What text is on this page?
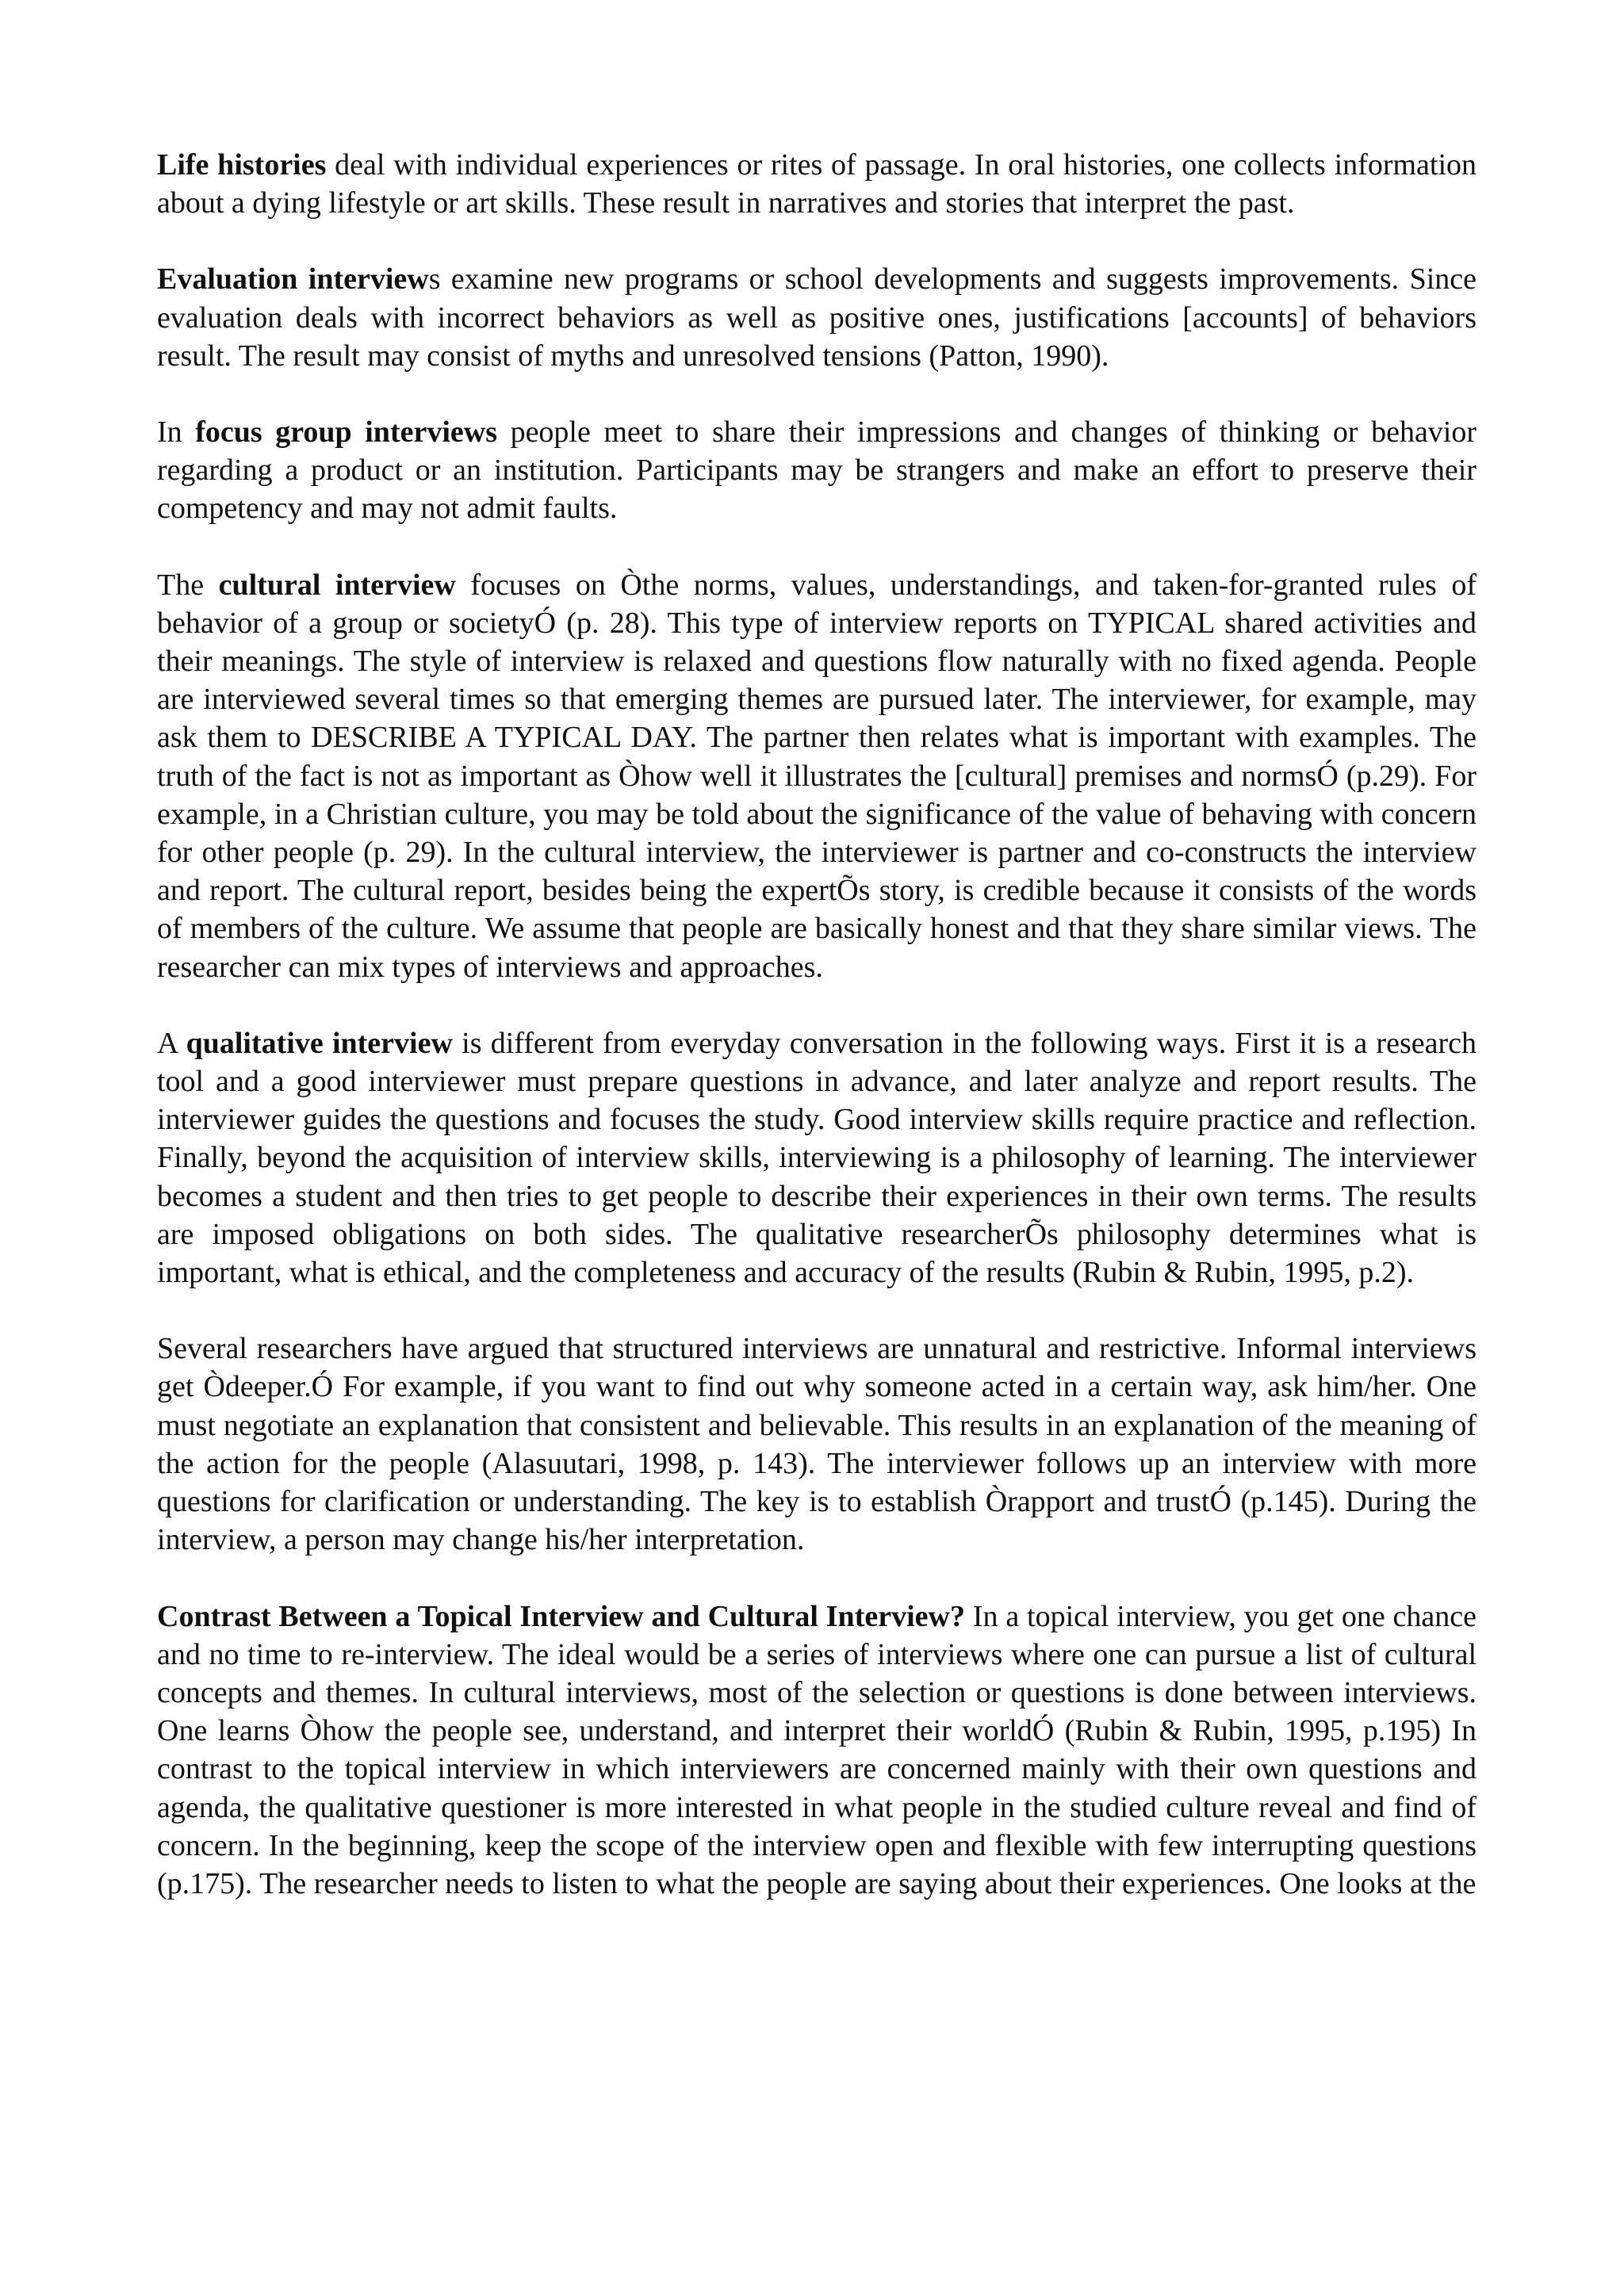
Life histories deal with individual experiences or rites of passage. In oral histories, one collects information about a dying lifestyle or art skills. These result in narratives and stories that interpret the past.

Evaluation interviews examine new programs or school developments and suggests improvements. Since evaluation deals with incorrect behaviors as well as positive ones, justifications [accounts] of behaviors result. The result may consist of myths and unresolved tensions (Patton, 1990).

In focus group interviews people meet to share their impressions and changes of thinking or behavior regarding a product or an institution. Participants may be strangers and make an effort to preserve their competency and may not admit faults.

The cultural interview focuses on Òthe norms, values, understandings, and taken-for-granted rules of behavior of a group or societyÓ (p. 28). This type of interview reports on TYPICAL shared activities and their meanings. The style of interview is relaxed and questions flow naturally with no fixed agenda. People are interviewed several times so that emerging themes are pursued later. The interviewer, for example, may ask them to DESCRIBE A TYPICAL DAY. The partner then relates what is important with examples. The truth of the fact is not as important as Òhow well it illustrates the [cultural] premises and normsÓ (p.29). For example, in a Christian culture, you may be told about the significance of the value of behaving with concern for other people (p. 29). In the cultural interview, the interviewer is partner and co-constructs the interview and report. The cultural report, besides being the expertÕs story, is credible because it consists of the words of members of the culture. We assume that people are basically honest and that they share similar views. The researcher can mix types of interviews and approaches.

A qualitative interview is different from everyday conversation in the following ways. First it is a research tool and a good interviewer must prepare questions in advance, and later analyze and report results. The interviewer guides the questions and focuses the study. Good interview skills require practice and reflection. Finally, beyond the acquisition of interview skills, interviewing is a philosophy of learning. The interviewer becomes a student and then tries to get people to describe their experiences in their own terms. The results are imposed obligations on both sides. The qualitative researcherÕs philosophy determines what is important, what is ethical, and the completeness and accuracy of the results (Rubin & Rubin, 1995, p.2).

Several researchers have argued that structured interviews are unnatural and restrictive. Informal interviews get Òdeeper.Ó For example, if you want to find out why someone acted in a certain way, ask him/her. One must negotiate an explanation that consistent and believable. This results in an explanation of the meaning of the action for the people (Alasuutari, 1998, p. 143). The interviewer follows up an interview with more questions for clarification or understanding. The key is to establish Òrapport and trustÓ (p.145). During the interview, a person may change his/her interpretation.

Contrast Between a Topical Interview and Cultural Interview? In a topical interview, you get one chance and no time to re-interview. The ideal would be a series of interviews where one can pursue a list of cultural concepts and themes. In cultural interviews, most of the selection or questions is done between interviews. One learns Òhow the people see, understand, and interpret their worldÓ (Rubin & Rubin, 1995, p.195) In contrast to the topical interview in which interviewers are concerned mainly with their own questions and agenda, the qualitative questioner is more interested in what people in the studied culture reveal and find of concern. In the beginning, keep the scope of the interview open and flexible with few interrupting questions (p.175). The researcher needs to listen to what the people are saying about their experiences. One looks at the
